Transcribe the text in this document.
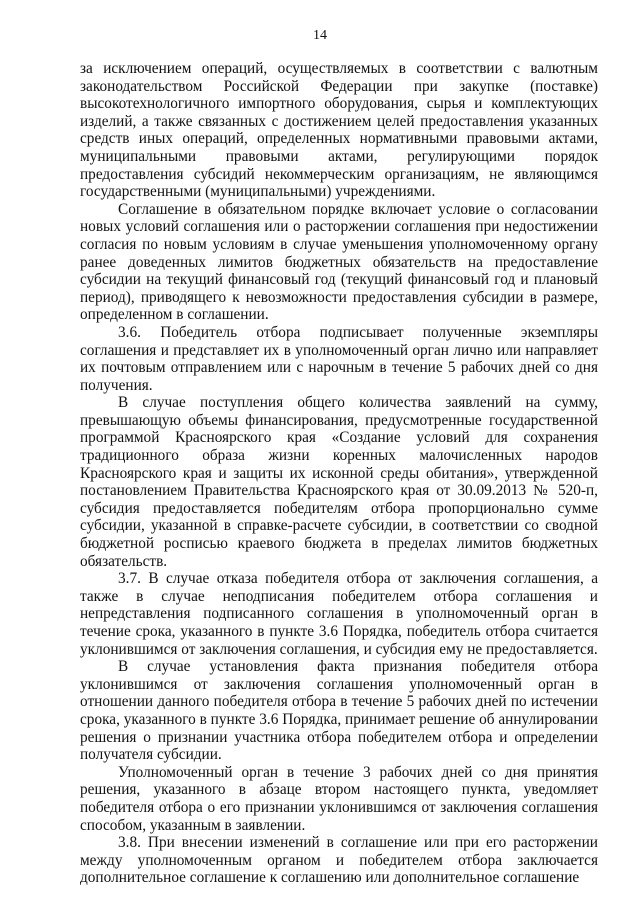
14

за исключением операций, осуществляемых в соответствии с валютным законодательством Российской Федерации при закупке (поставке) высокотехнологичного импортного оборудования, сырья и комплектующих изделий, а также связанных с достижением целей предоставления указанных средств иных операций, определенных нормативными правовыми актами, муниципальными правовыми актами, регулирующими порядок предоставления субсидий некоммерческим организациям, не являющимся государственными (муниципальными) учреждениями.

Соглашение в обязательном порядке включает условие о согласовании новых условий соглашения или о расторжении соглашения при недостижении согласия по новым условиям в случае уменьшения уполномоченному органу ранее доведенных лимитов бюджетных обязательств на предоставление субсидии на текущий финансовый год (текущий финансовый год и плановый период), приводящего к невозможности предоставления субсидии в размере, определенном в соглашении.

3.6. Победитель отбора подписывает полученные экземпляры соглашения и представляет их в уполномоченный орган лично или направляет их почтовым отправлением или с нарочным в течение 5 рабочих дней со дня получения.

В случае поступления общего количества заявлений на сумму, превышающую объемы финансирования, предусмотренные государственной программой Красноярского края «Создание условий для сохранения традиционного образа жизни коренных малочисленных народов Красноярского края и защиты их исконной среды обитания», утвержденной постановлением Правительства Красноярского края от 30.09.2013 № 520-п, субсидия предоставляется победителям отбора пропорционально сумме субсидии, указанной в справке-расчете субсидии, в соответствии со сводной бюджетной росписью краевого бюджета в пределах лимитов бюджетных обязательств.

3.7. В случае отказа победителя отбора от заключения соглашения, а также в случае неподписания победителем отбора соглашения и непредставления подписанного соглашения в уполномоченный орган в течение срока, указанного в пункте 3.6 Порядка, победитель отбора считается уклонившимся от заключения соглашения, и субсидия ему не предоставляется.

В случае установления факта признания победителя отбора уклонившимся от заключения соглашения уполномоченный орган в отношении данного победителя отбора в течение 5 рабочих дней по истечении срока, указанного в пункте 3.6 Порядка, принимает решение об аннулировании решения о признании участника отбора победителем отбора и определении получателя субсидии.

Уполномоченный орган в течение 3 рабочих дней со дня принятия решения, указанного в абзаце втором настоящего пункта, уведомляет победителя отбора о его признании уклонившимся от заключения соглашения способом, указанным в заявлении.

3.8. При внесении изменений в соглашение или при его расторжении между уполномоченным органом и победителем отбора заключается дополнительное соглашение к соглашению или дополнительное соглашение
